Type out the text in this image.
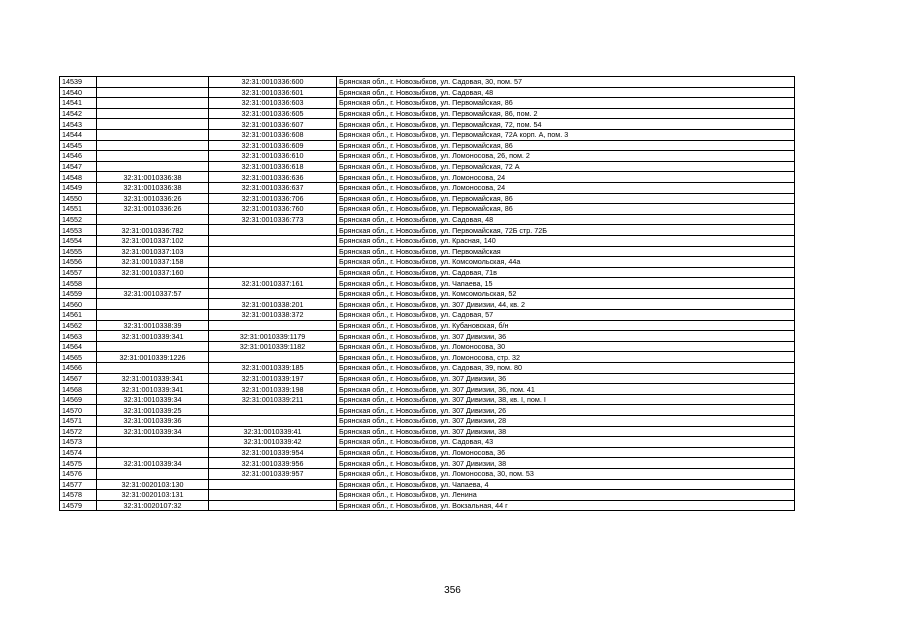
14539		32:31:0010336:600	Брянская обл., г. Новозыбков, ул. Садовая, 30, пом. 57
14540		32:31:0010336:601	Брянская обл., г. Новозыбков, ул. Садовая, 48
14541		32:31:0010336:603	Брянская обл., г. Новозыбков, ул. Первомайская, 86
14542		32:31:0010336:605	Брянская обл., г. Новозыбков, ул. Первомайская, 86, пом. 2
14543		32:31:0010336:607	Брянская обл., г. Новозыбков, ул. Первомайская, 72, пом. 54
14544		32:31:0010336:608	Брянская обл., г. Новозыбков, ул. Первомайская, 72А корп. А, пом. 3
14545		32:31:0010336:609	Брянская обл., г. Новозыбков, ул. Первомайская, 86
14546		32:31:0010336:610	Брянская обл., г. Новозыбков, ул. Ломоносова, 26, пом. 2
14547		32:31:0010336:618	Брянская обл., г. Новозыбков, ул. Первомайская, 72 А
14548	32:31:0010336:38	32:31:0010336:636	Брянская обл., г. Новозыбков, ул. Ломоносова, 24
14549	32:31:0010336:38	32:31:0010336:637	Брянская обл., г. Новозыбков, ул. Ломоносова, 24
14550	32:31:0010336:26	32:31:0010336:706	Брянская обл., г. Новозыбков, ул. Первомайская, 86
14551	32:31:0010336:26	32:31:0010336:760	Брянская обл., г. Новозыбков, ул. Первомайская, 86
14552		32:31:0010336:773	Брянская обл., г. Новозыбков, ул. Садовая, 48
14553	32:31:0010336:782		Брянская обл., г. Новозыбков, ул. Первомайская, 72Б стр. 72Б
14554	32:31:0010337:102		Брянская обл., г. Новозыбков, ул. Красная, 140
14555	32:31:0010337:103		Брянская обл., г. Новозыбков, ул. Первомайская
14556	32:31:0010337:158		Брянская обл., г. Новозыбков, ул. Комсомольская, 44а
14557	32:31:0010337:160		Брянская обл., г. Новозыбков, ул. Садовая, 71в
14558		32:31:0010337:161	Брянская обл., г. Новозыбков, ул. Чапаева, 15
14559	32:31:0010337:57		Брянская обл., г. Новозыбков, ул. Комсомольская, 52
14560		32:31:0010338:201	Брянская обл., г. Новозыбков, ул. 307 Дивизии, 44, кв. 2
14561		32:31:0010338:372	Брянская обл., г. Новозыбков, ул. Садовая, 57
14562	32:31:0010338:39		Брянская обл., г. Новозыбков, ул. Кубановская, б/н
14563	32:31:0010339:341	32:31:0010339:1179	Брянская обл., г. Новозыбков, ул. 307 Дивизии, 36
14564		32:31:0010339:1182	Брянская обл., г. Новозыбков, ул. Ломоносова, 30
14565	32:31:0010339:1226		Брянская обл., г. Новозыбков, ул. Ломоносова, стр. 32
14566		32:31:0010339:185	Брянская обл., г. Новозыбков, ул. Садовая, 39, пом. 80
14567	32:31:0010339:341	32:31:0010339:197	Брянская обл., г. Новозыбков, ул. 307 Дивизии, 36
14568	32:31:0010339:341	32:31:0010339:198	Брянская обл., г. Новозыбков, ул. 307 Дивизии, 36, пом. 41
14569	32:31:0010339:34	32:31:0010339:211	Брянская обл., г. Новозыбков, ул. 307 Дивизии, 38, кв. I, пом. I
14570	32:31:0010339:25		Брянская обл., г. Новозыбков, ул. 307 Дивизии, 26
14571	32:31:0010339:36		Брянская обл., г. Новозыбков, ул. 307 Дивизии, 28
14572	32:31:0010339:34	32:31:0010339:41	Брянская обл., г. Новозыбков, ул. 307 Дивизии, 38
14573		32:31:0010339:42	Брянская обл., г. Новозыбков, ул. Садовая, 43
14574		32:31:0010339:954	Брянская обл., г. Новозыбков, ул. Ломоносова, 36
14575	32:31:0010339:34	32:31:0010339:956	Брянская обл., г. Новозыбков, ул. 307 Дивизии, 38
14576		32:31:0010339:957	Брянская обл., г. Новозыбков, ул. Ломоносова, 30, пом. 53
14577	32:31:0020103:130		Брянская обл., г. Новозыбков, ул. Чапаева, 4
14578	32:31:0020103:131		Брянская обл., г. Новозыбков, ул. Ленина
14579	32:31:0020107:32		Брянская обл., г. Новозыбков, ул. Вокзальная, 44 г
356
